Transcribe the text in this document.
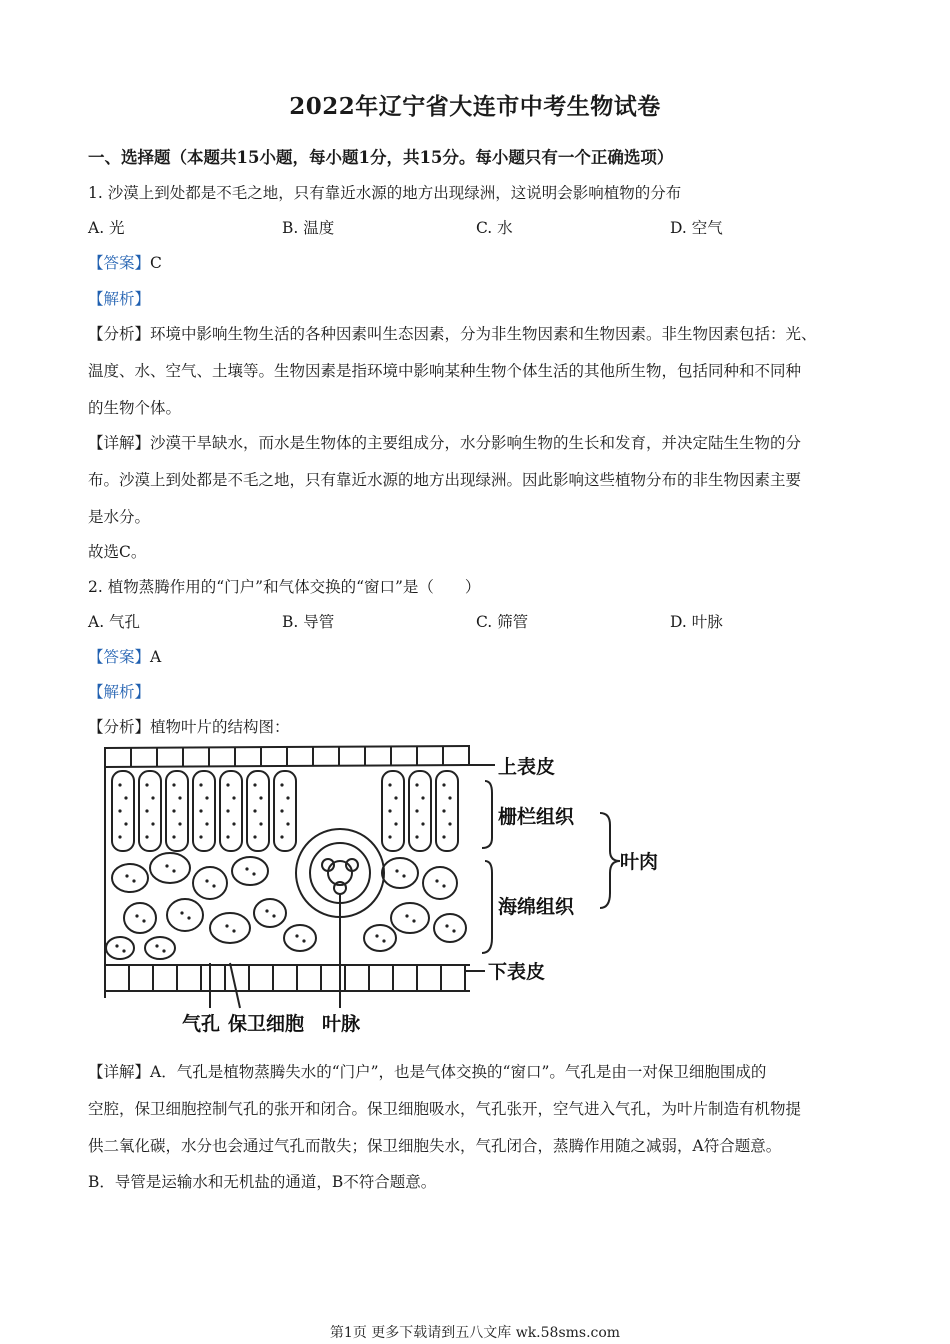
2022年辽宁省大连市中考生物试卷
一、选择题（本题共15小题，每小题1分，共15分。每小题只有一个正确选项）
1. 沙漠上到处都是不毛之地，只有靠近水源的地方出现绿洲，这说明会影响植物的分布
A. 光	B. 温度	C. 水	D. 空气
【答案】C
【解析】
【分析】环境中影响生物生活的各种因素叫生态因素，分为非生物因素和生物因素。非生物因素包括：光、
温度、水、空气、土壤等。生物因素是指环境中影响某种生物个体生活的其他所生物，包括同种和不同种
的生物个体。
【详解】沙漠干旱缺水，而水是生物体的主要组成分，水分影响生物的生长和发育，并决定陆生生物的分
布。沙漠上到处都是不毛之地，只有靠近水源的地方出现绿洲。因此影响这些植物分布的非生物因素主要
是水分。
故选C。
2. 植物蒸腾作用的“门户”和气体交换的“窗口”是（　　）
A. 气孔	B. 导管	C. 筛管	D. 叶脉
【答案】A
【解析】
【分析】植物叶片的结构图：
上表皮
栅栏组织
叶肉
海绵组织
下表皮
气孔 保卫细胞 叶脉
【详解】A．气孔是植物蒸腾失水的“门户”，也是气体交换的“窗口”。气孔是由一对保卫细胞围成的
空腔，保卫细胞控制气孔的张开和闭合。保卫细胞吸水，气孔张开，空气进入气孔，为叶片制造有机物提
供二氧化碳，水分也会通过气孔而散失；保卫细胞失水，气孔闭合，蒸腾作用随之减弱，A符合题意。
B．导管是运输水和无机盐的通道，B不符合题意。
第1页 更多下载请到五八文库 wk.58sms.com
